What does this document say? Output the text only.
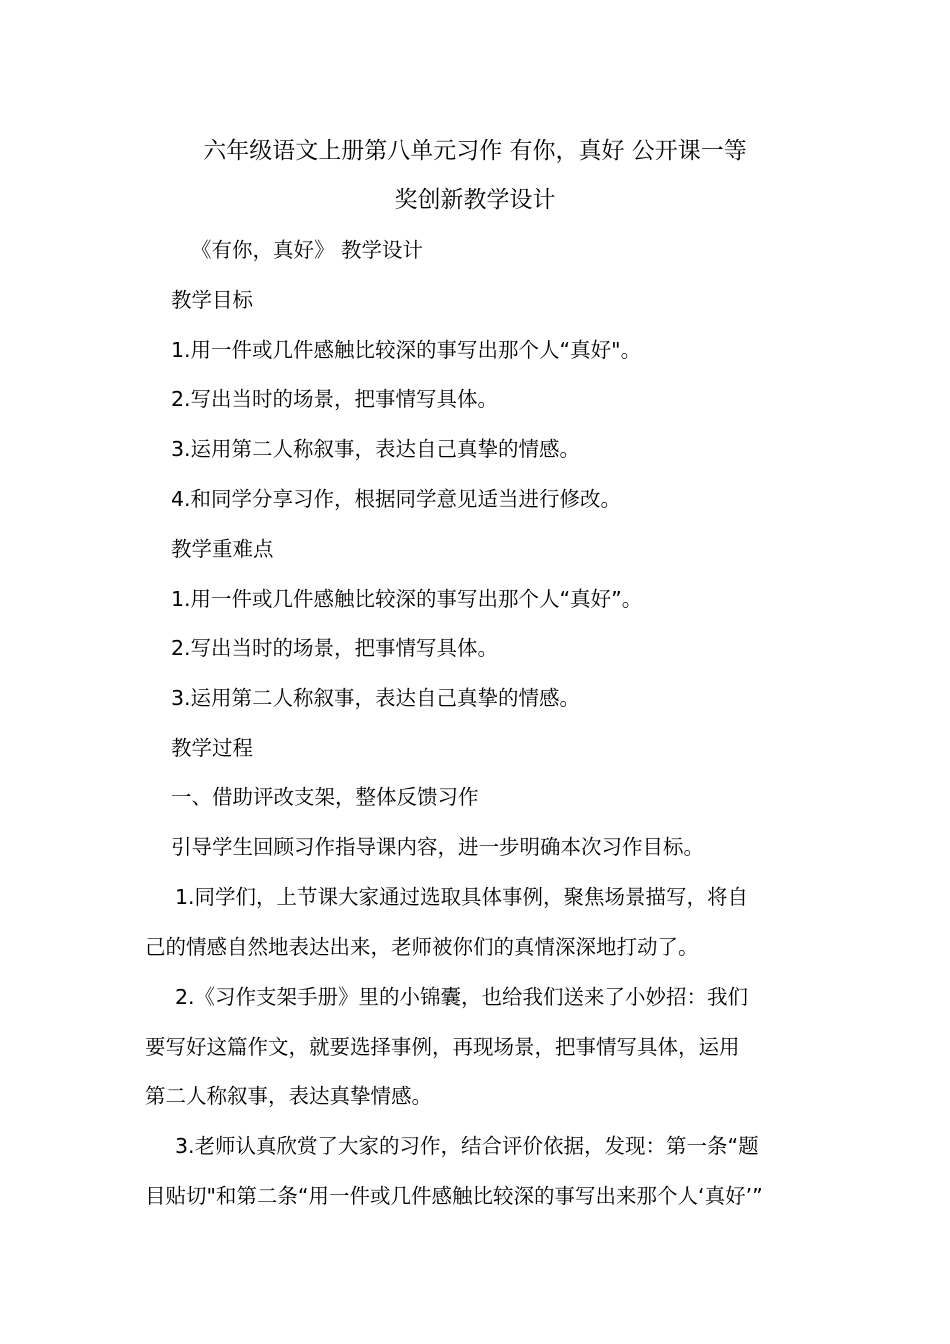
六年级语文上册第八单元习作 有你，真好 公开课一等
奖创新教学设计
《有你，真好》 教学设计
教学目标
1.用一件或几件感触比较深的事写出那个人“真好"。
2.写出当时的场景，把事情写具体。
3.运用第二人称叙事，表达自己真挚的情感。
4.和同学分享习作，根据同学意见适当进行修改。
教学重难点
1.用一件或几件感触比较深的事写出那个人“真好”。
2.写出当时的场景，把事情写具体。
3.运用第二人称叙事，表达自己真挚的情感。
教学过程
一、借助评改支架，整体反馈习作
引导学生回顾习作指导课内容，进一步明确本次习作目标。
1.同学们，上节课大家通过选取具体事例，聚焦场景描写，将自
己的情感自然地表达出来，老师被你们的真情深深地打动了。
2.《习作支架手册》里的小锦囊，也给我们送来了小妙招：我们
要写好这篇作文，就要选择事例，再现场景，把事情写具体，运用
第二人称叙事，表达真挚情感。
3.老师认真欣赏了大家的习作，结合评价依据，发现：第一条“题
目贴切"和第二条“用一件或几件感触比较深的事写出来那个人‘真好’”
